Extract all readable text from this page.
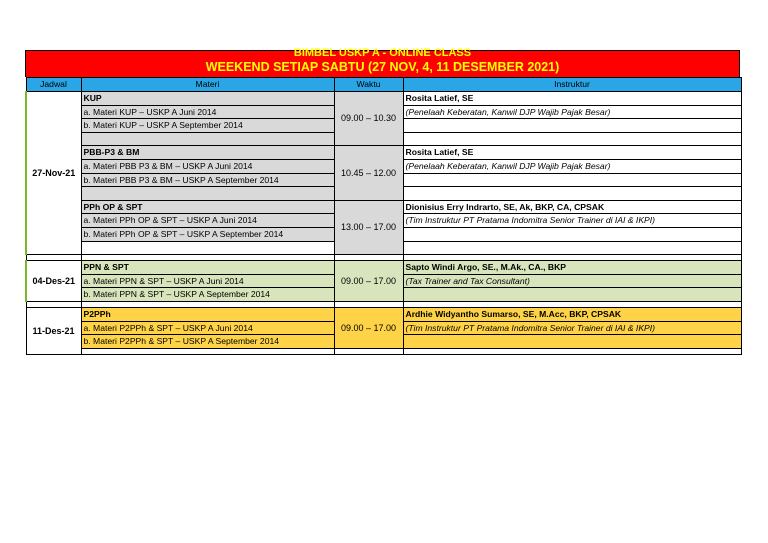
BIMBEL USKP A - ONLINE CLASS
WEEKEND SETIAP SABTU (27 NOV, 4, 11 DESEMBER 2021)
Jadwal	Materi	Waktu	Instruktur
27-Nov-21	KUP	09.00 – 10.30	Rosita Latief, SE
	a. Materi KUP – USKP A Juni 2014		(Penelaah Keberatan, Kanwil DJP Wajib Pajak Besar)
	b. Materi KUP – USKP A September 2014		

	PBB-P3 & BM	10.45 – 12.00	Rosita Latief, SE
	a. Materi PBB P3 & BM – USKP A Juni 2014		(Penelaah Keberatan, Kanwil DJP Wajib Pajak Besar)
	b. Materi PBB P3 & BM – USKP A September 2014		

	PPh OP & SPT	13.00 – 17.00	Dionisius Erry Indrarto, SE, Ak, BKP, CA, CPSAK
	a. Materi PPh OP & SPT – USKP A Juni 2014		(Tim Instruktur PT Pratama Indomitra Senior Trainer di IAI & IKPI)
	b. Materi PPh OP & SPT – USKP A September 2014		

04-Des-21	PPN & SPT	09.00 – 17.00	Sapto Windi Argo, SE., M.Ak., CA., BKP
	a. Materi PPN & SPT – USKP A Juni 2014		(Tax Trainer and Tax Consultant)
	b. Materi PPN & SPT – USKP A September 2014		

11-Des-21	P2PPh	09.00 – 17.00	Ardhie Widyantho Sumarso, SE, M.Acc, BKP, CPSAK
	a. Materi P2PPh & SPT – USKP A Juni 2014		(Tim Instruktur PT Pratama Indomitra Senior Trainer di IAI & IKPI)
	b. Materi P2PPh & SPT – USKP A September 2014		
